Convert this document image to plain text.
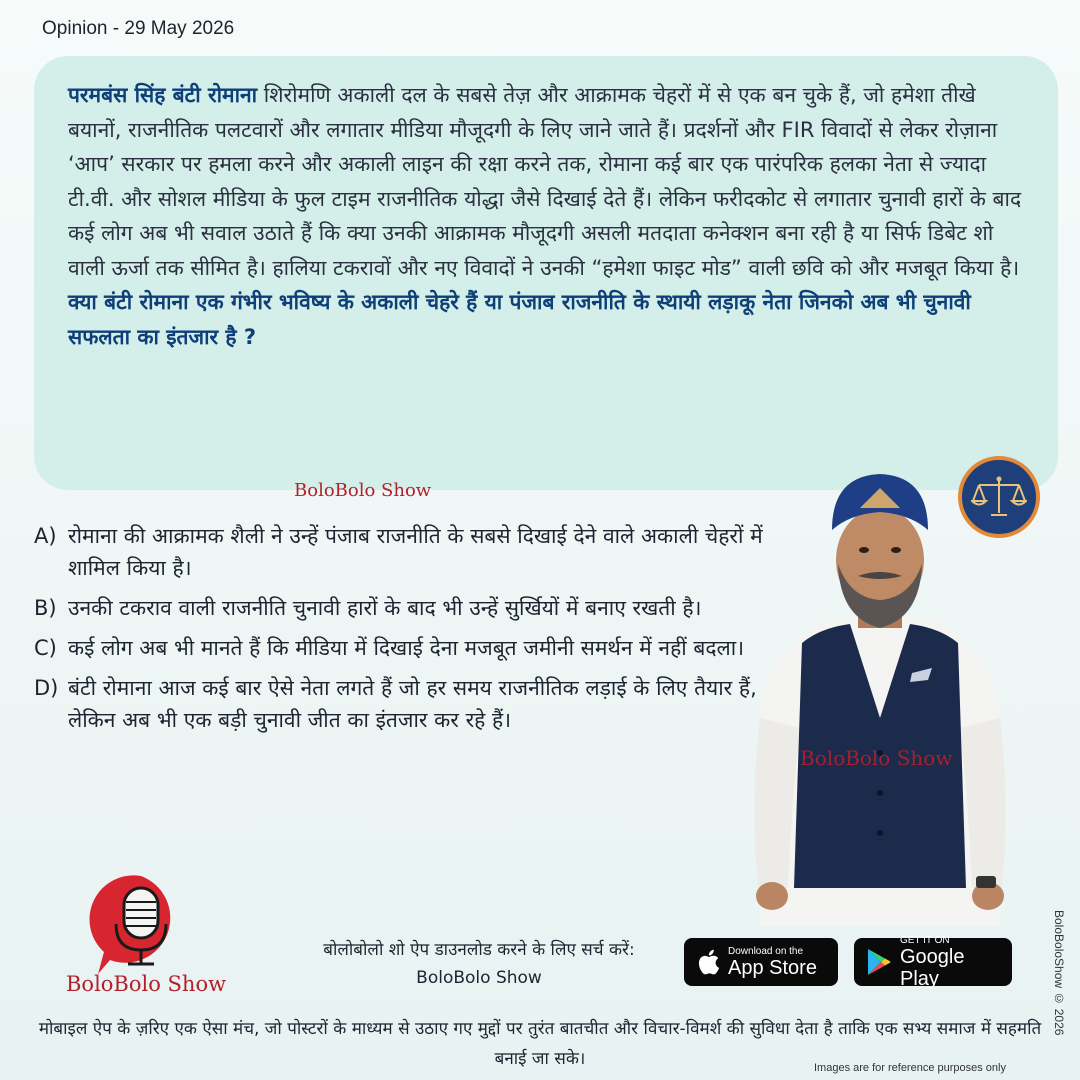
Opinion - 29 May 2026

परमबंस सिंह बंटी रोमाना शिरोमणि अकाली दल के सबसे तेज़ और आक्रामक चेहरों में से एक बन चुके हैं, जो हमेशा तीखे बयानों, राजनीतिक पलटवारों और लगातार मीडिया मौजूदगी के लिए जाने जाते हैं। प्रदर्शनों और FIR विवादों से लेकर रोज़ाना ‘आप’ सरकार पर हमला करने और अकाली लाइन की रक्षा करने तक, रोमाना कई बार एक पारंपरिक हलका नेता से ज्यादा टी.वी. और सोशल मीडिया के फुल टाइम राजनीतिक योद्धा जैसे दिखाई देते हैं। लेकिन फरीदकोट से लगातार चुनावी हारों के बाद कई लोग अब भी सवाल उठाते हैं कि क्या उनकी आक्रामक मौजूदगी असली मतदाता कनेक्शन बना रही है या सिर्फ डिबेट शो वाली ऊर्जा तक सीमित है। हालिया टकरावों और नए विवादों ने उनकी “हमेशा फाइट मोड” वाली छवि को और मजबूत किया है।
क्या बंटी रोमाना एक गंभीर भविष्य के अकाली चेहरे हैं या पंजाब राजनीति के स्थायी लड़ाकू नेता जिनको अब भी चुनावी सफलता का इंतजार है ?

BoloBolo Show
A) रोमाना की आक्रामक शैली ने उन्हें पंजाब राजनीति के सबसे दिखाई देने वाले अकाली चेहरों में शामिल किया है।
B) उनकी टकराव वाली राजनीति चुनावी हारों के बाद भी उन्हें सुर्खियों में बनाए रखती है।
C) कई लोग अब भी मानते हैं कि मीडिया में दिखाई देना मजबूत जमीनी समर्थन में नहीं बदला।
D) बंटी रोमाना आज कई बार ऐसे नेता लगते हैं जो हर समय राजनीतिक लड़ाई के लिए तैयार हैं, लेकिन अब भी एक बड़ी चुनावी जीत का इंतजार कर रहे हैं।
BoloBolo Show
BoloBolo Show
बोलोबोलो शो ऐप डाउनलोड करने के लिए सर्च करें:
BoloBolo Show
Download on the
App Store
GET IT ON
Google Play
मोबाइल ऐप के ज़रिए एक ऐसा मंच, जो पोस्टरों के माध्यम से उठाए गए मुद्दों पर तुरंत बातचीत और विचार-विमर्श की सुविधा देता है ताकि एक सभ्य समाज में सहमति बनाई जा सके।	Images are for reference purposes only
BoloBoloShow © 2026
